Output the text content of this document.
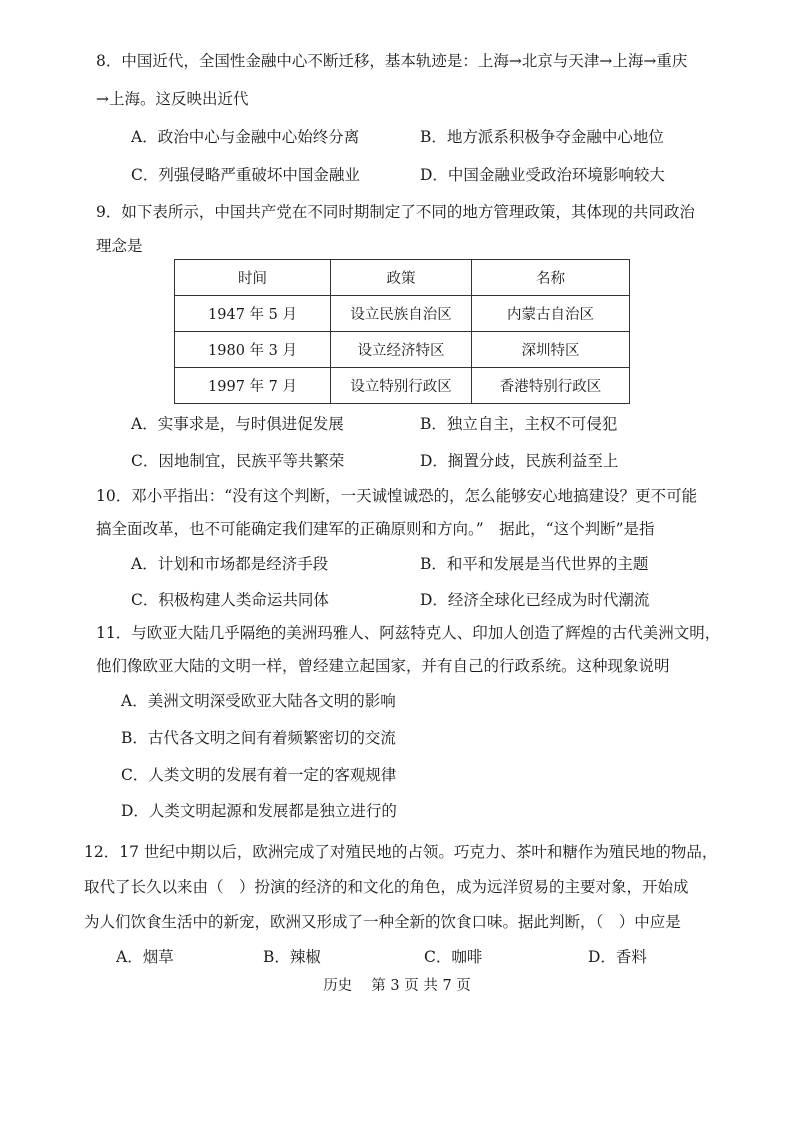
8．中国近代，全国性金融中心不断迁移，基本轨迹是：上海→北京与天津→上海→重庆
→上海。这反映出近代
A．政治中心与金融中心始终分离	B．地方派系积极争夺金融中心地位
C．列强侵略严重破坏中国金融业	D．中国金融业受政治环境影响较大
9．如下表所示，中国共产党在不同时期制定了不同的地方管理政策，其体现的共同政治
理念是
时间	政策	名称
1947 年 5 月	设立民族自治区	内蒙古自治区
1980 年 3 月	设立经济特区	深圳特区
1997 年 7 月	设立特别行政区	香港特别行政区
A．实事求是，与时俱进促发展	B．独立自主，主权不可侵犯
C．因地制宜，民族平等共繁荣	D．搁置分歧，民族利益至上
10．邓小平指出：“没有这个判断，一天诚惶诚恐的，怎么能够安心地搞建设？更不可能
搞全面改革，也不可能确定我们建军的正确原则和方向。”　据此，“这个判断”是指
A．计划和市场都是经济手段	B．和平和发展是当代世界的主题
C．积极构建人类命运共同体	D．经济全球化已经成为时代潮流
11．与欧亚大陆几乎隔绝的美洲玛雅人、阿兹特克人、印加人创造了辉煌的古代美洲文明，
他们像欧亚大陆的文明一样，曾经建立起国家，并有自己的行政系统。这种现象说明
A．美洲文明深受欧亚大陆各文明的影响
B．古代各文明之间有着频繁密切的交流
C．人类文明的发展有着一定的客观规律
D．人类文明起源和发展都是独立进行的
12．17 世纪中期以后，欧洲完成了对殖民地的占领。巧克力、茶叶和糖作为殖民地的物品，
取代了长久以来由（　）扮演的经济的和文化的角色，成为远洋贸易的主要对象，开始成
为人们饮食生活中的新宠，欧洲又形成了一种全新的饮食口味。据此判断，（　）中应是
A．烟草	B．辣椒	C．咖啡	D．香料
历史　 第 3 页 共 7 页
